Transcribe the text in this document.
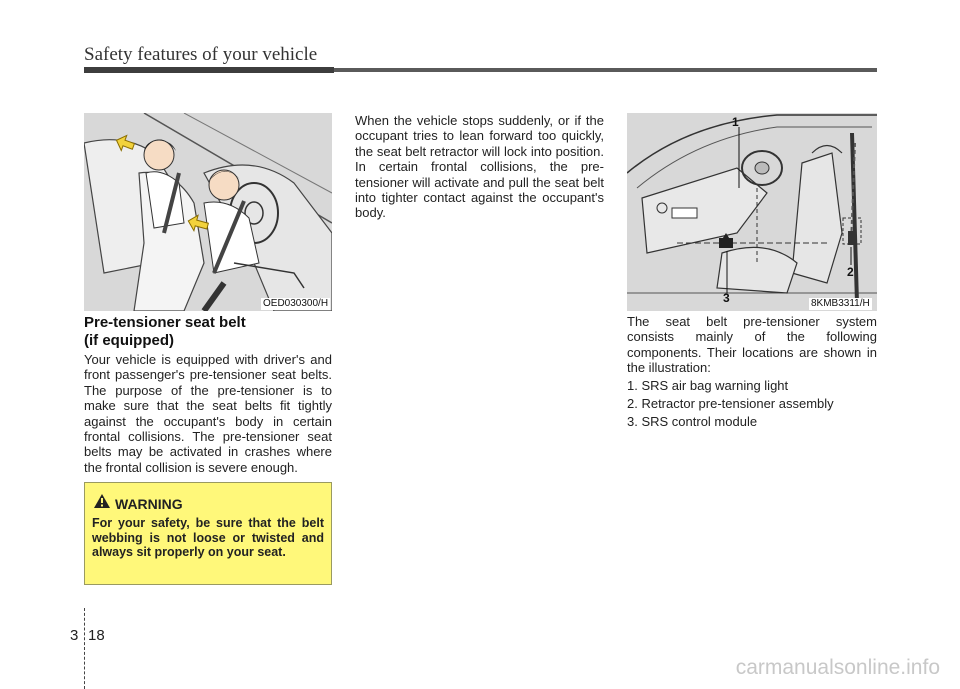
Safety features of your vehicle
OED030300/H
Pre-tensioner seat belt
(if equipped)
Your vehicle is equipped with driver's and front passenger's pre-tensioner seat belts. The purpose of the pre-tensioner is to make sure that the seat belts fit tightly against the occupant's body in certain frontal collisions. The pre-tensioner seat belts may be activated in crashes where the frontal collision is severe enough.
WARNING
For your safety, be sure that the belt webbing is not loose or twisted and always sit properly on your seat.
When the vehicle stops suddenly, or if the occupant tries to lean forward too quickly, the seat belt retractor will lock into position. In certain frontal collisions, the pre-tensioner will activate and pull the seat belt into tighter contact against the occupant's body.
1
2
3	8KMB3311/H
The seat belt pre-tensioner system consists mainly of the following components. Their locations are shown in the illustration:
1. SRS air bag warning light
2. Retractor pre-tensioner assembly
3. SRS control module
3 18
carmanualsonline.info
